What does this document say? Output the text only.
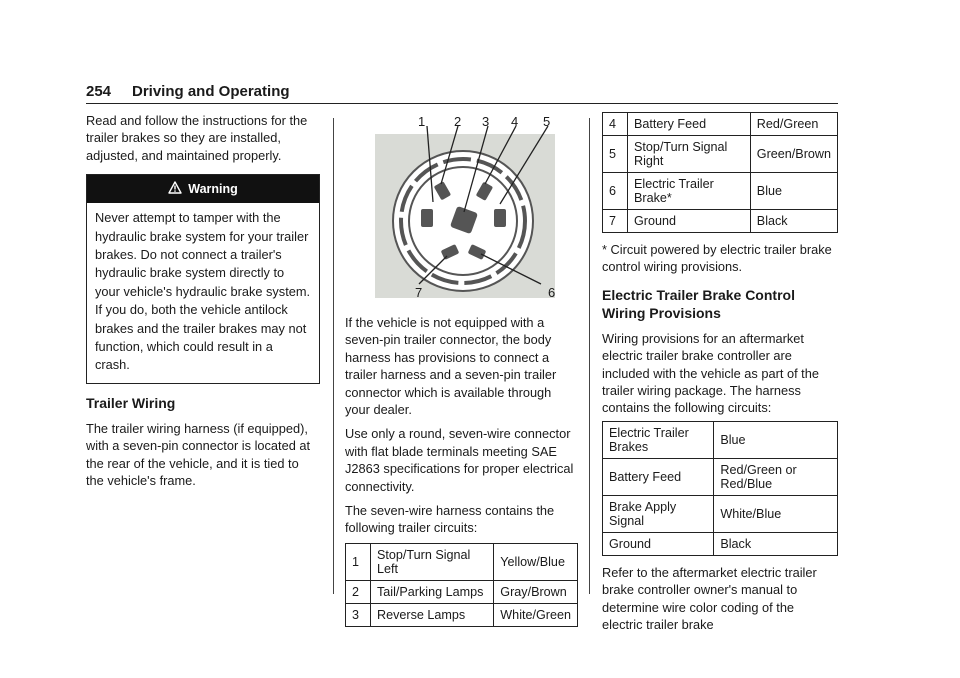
254 Driving and Operating

Read and follow the instructions for the trailer brakes so they are installed, adjusted, and maintained properly.

Warning
Never attempt to tamper with the hydraulic brake system for your trailer brakes. Do not connect a trailer's hydraulic brake system directly to your vehicle's hydraulic brake system. If you do, both the vehicle antilock brakes and the trailer brakes may not function, which could result in a crash.
Trailer Wiring

The trailer wiring harness (if equipped), with a seven-pin connector is located at the rear of the vehicle, and it is tied to the vehicle's frame.

1 2 3 4 5
7	6

If the vehicle is not equipped with a seven-pin trailer connector, the body harness has provisions to connect a trailer harness and a seven-pin trailer connector which is available through your dealer.

Use only a round, seven-wire connector with flat blade terminals meeting SAE J2863 specifications for proper electrical connectivity.

The seven-wire harness contains the following trailer circuits:

1	Stop/Turn Signal Left	Yellow/Blue
2	Tail/Parking Lamps	Gray/Brown
3	Reverse Lamps	White/Green
4	Battery Feed	Red/Green
5	Stop/Turn Signal Right	Green/Brown
6	Electric Trailer Brake*	Blue
7	Ground	Black

* Circuit powered by electric trailer brake control wiring provisions.

Electric Trailer Brake Control Wiring Provisions

Wiring provisions for an aftermarket electric trailer brake controller are included with the vehicle as part of the trailer wiring package. The harness contains the following circuits:

Electric Trailer Brakes	Blue
Battery Feed	Red/Green or Red/Blue
Brake Apply Signal	White/Blue
Ground	Black

Refer to the aftermarket electric trailer brake controller owner's manual to determine wire color coding of the electric trailer brake
